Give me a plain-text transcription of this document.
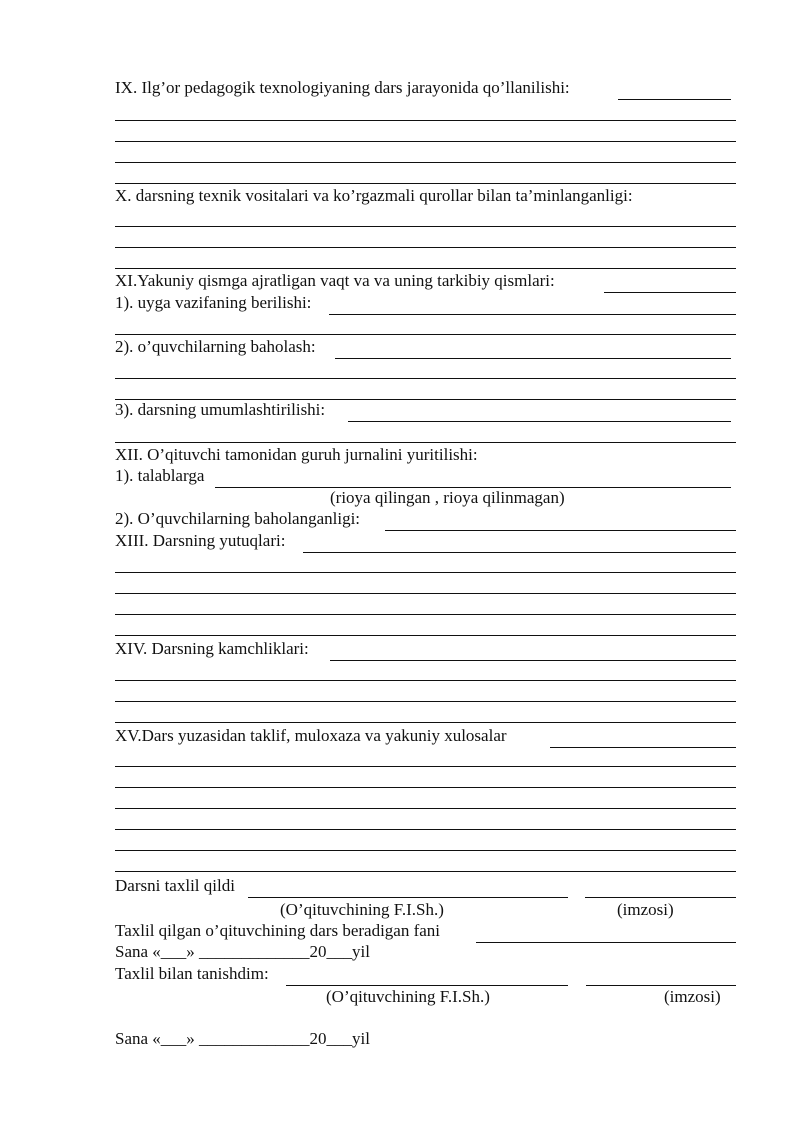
IX. Ilg’or pedagogik texnologiyaning dars jarayonida qo’llanilishi:
X. darsning texnik vositalari va ko’rgazmali qurollar bilan ta’minlanganligi:
XI.Yakuniy qismga ajratligan vaqt va va uning tarkibiy qismlari:
1). uyga vazifaning berilishi:
2). o’quvchilarning baholash:
3). darsning umumlashtirilishi:
XII. O’qituvchi tamonidan guruh jurnalini yuritilishi:
1). talablarga
(rioya qilingan , rioya qilinmagan)
2). O’quvchilarning baholanganligi:
XIII. Darsning yutuqlari:
XIV. Darsning kamchliklari:
XV.Dars yuzasidan taklif, muloxaza va yakuniy xulosalar
Darsni taxlil qildi
(O’qituvchining F.I.Sh.)	(imzosi)
Taxlil qilgan o’qituvchining dars beradigan fani
Sana «___» _____________20___yil
Taxlil bilan tanishdim:
(O’qituvchining F.I.Sh.)	(imzosi)
Sana «___» _____________20___yil
